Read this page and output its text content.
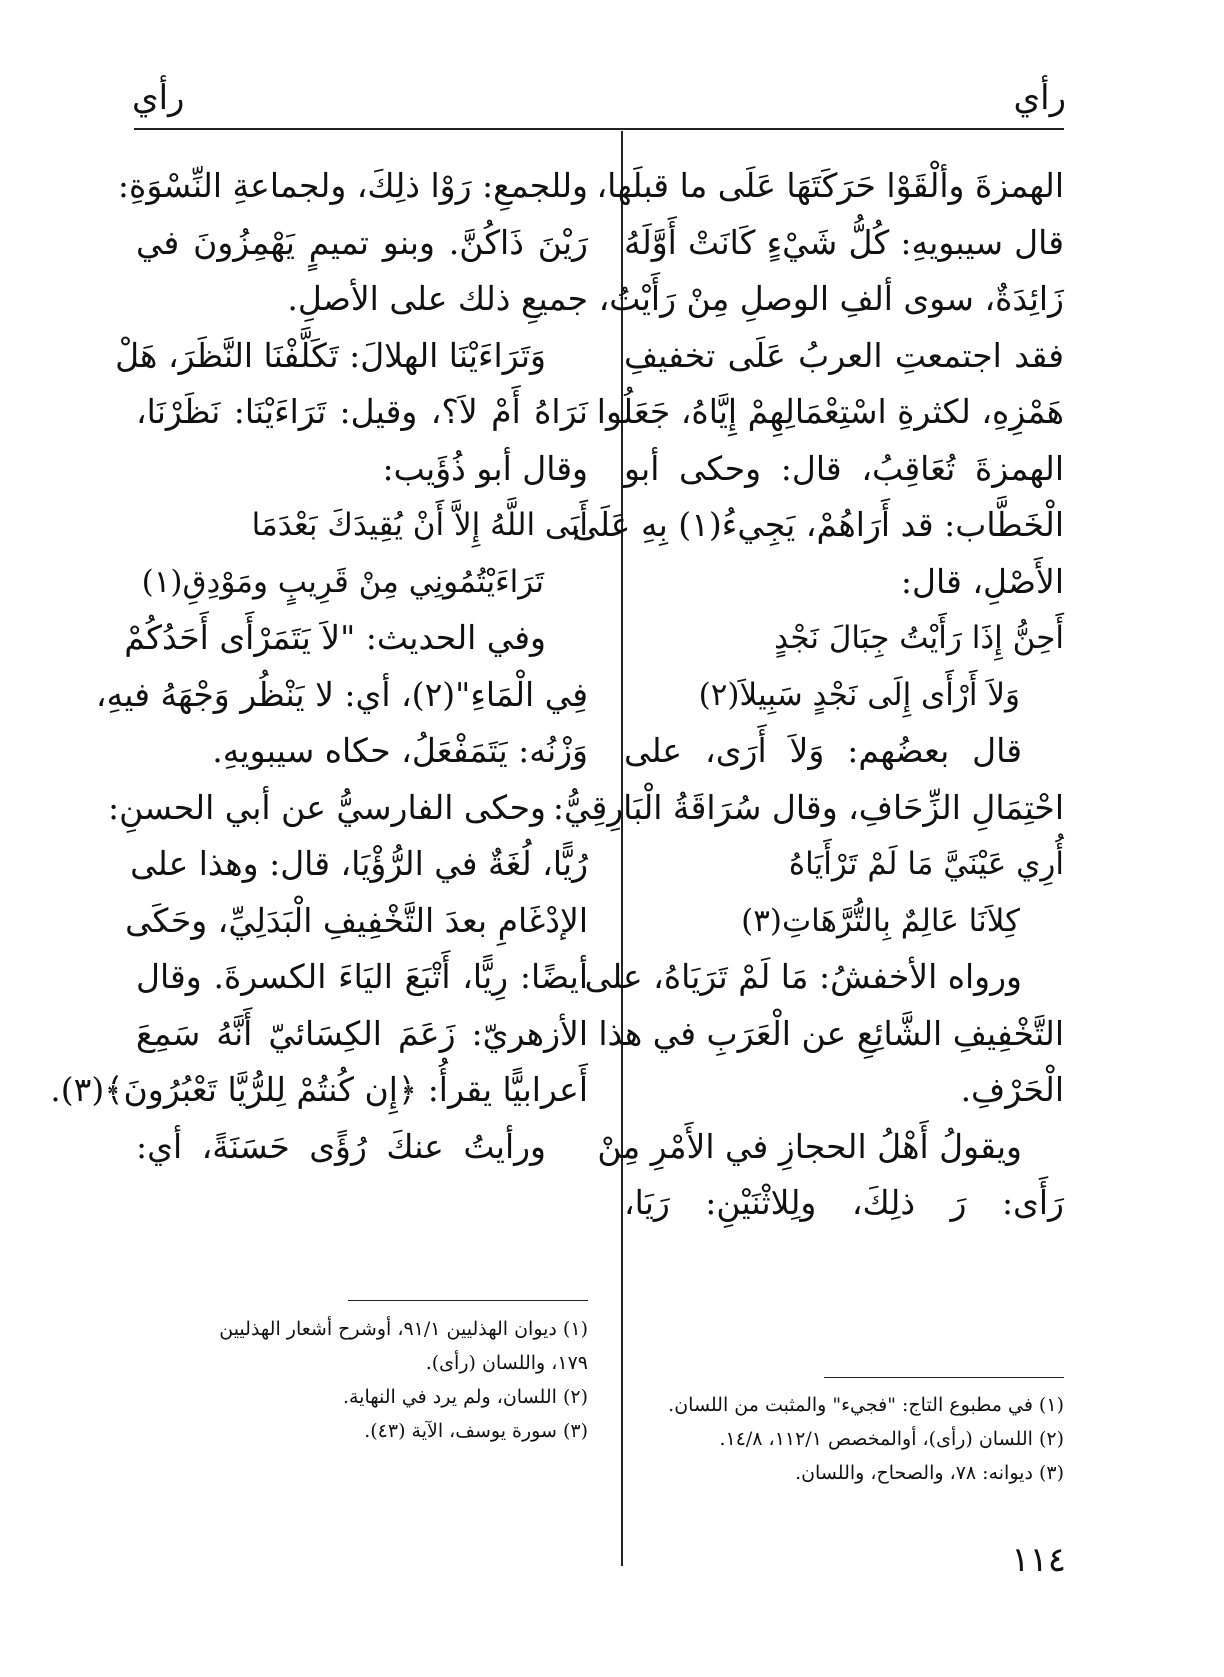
رأي
رأي
الهمزةَ وألْقَوْا حَرَكَتَهَا عَلَى ما قبلَها،
قال سيبويهِ: كُلُّ شَيْءٍ كَانَتْ أَوَّلَهُ
زَائِدَةٌ، سوى ألفِ الوصلِ مِنْ رَأَيْتُ،
فقد اجتمعتِ العربُ عَلَى تخفيفِ
هَمْزِهِ، لكثرةِ اسْتِعْمَالِهِمْ إِيَّاهُ، جَعَلُوا
الهمزةَ تُعَاقِبُ، قال: وحكى أبو
الْخَطَّاب: قد أَرَاهُمْ، يَجِيءُ(١) بِهِ عَلَى
الأَصْلِ، قال:
أَحِنُّ إِذَا رَأَيْتُ جِبَالَ نَجْدٍ
وَلاَ أَرْأَى إِلَى نَجْدٍ سَبِيلاَ(٢)
قال بعضُهم: وَلاَ أَرَى، على
احْتِمَالِ الزِّحَافِ، وقال سُرَاقَةُ الْبَارِقِيُّ:
أُرِي عَيْنَيَّ مَا لَمْ تَرْأَيَاهُ
كِلاَنَا عَالِمٌ بِالتُّرَّهَاتِ(٣)
ورواه الأخفشُ: مَا لَمْ تَرَيَاهُ، على
التَّخْفِيفِ الشَّائِعِ عن الْعَرَبِ في هذا
الْحَرْفِ.
ويقولُ أَهْلُ الحجازِ في الأَمْرِ مِنْ
رَأَى: رَ ذلِكَ، ولِلاثْنَيْنِ: رَيَا،
وللجمعِ: رَوْا ذلِكَ، ولجماعةِ النِّسْوَةِ:
رَيْنَ ذَاكُنَّ. وبنو تميمٍ يَهْمِزُونَ في
جميعِ ذلك على الأصلِ.
وَتَرَاءَيْنَا الهلالَ: تَكَلَّفْنَا النَّظَرَ، هَلْ
نَرَاهُ أَمْ لاَ؟، وقيل: تَرَاءَيْنَا: نَظَرْنَا،
وقال أبو ذُؤَيب:
أَبَى اللَّهُ إِلاَّ أَنْ يُقِيدَكَ بَعْدَمَا
تَرَاءَيْتُمُونِي مِنْ قَرِيبٍ ومَوْدِقِ(١)
وفي الحديث: "لاَ يَتَمَرْأَى أَحَدُكُمْ
فِي الْمَاءِ"(٢)، أي: لا يَنْظُر وَجْهَهُ فيهِ،
وَزْنُه: يَتَمَفْعَلُ، حكاه سيبويهِ.
وحكى الفارسيُّ عن أبي الحسنِ:
رُيًّا، لُغَةٌ في الرُّؤْيَا، قال: وهذا على
الإدْغَامِ بعدَ التَّخْفِيفِ الْبَدَلِيِّ، وحَكَى
أيضًا: رِيًّا، أَتْبَعَ اليَاءَ الكسرةَ. وقال
الأزهريّ: زَعَمَ الكِسَائيّ أَنَّهُ سَمِعَ
أَعرابيًّا يقرأُ: ﴿إِن كُنتُمْ لِلرُّيَّا تَعْبُرُونَ﴾(٣).
ورأيتُ عنكَ رُؤًى حَسَنَةً، أي:
(١) في مطبوع التاج: "فجيء" والمثبت من اللسان.
(٢) اللسان (رأى)، أوالمخصص ١١٢/١، ١٤/٨.
(٣) ديوانه: ٧٨، والصحاح، واللسان.
(١) ديوان الهذليين ٩١/١، أوشرح أشعار الهذليين
١٧٩، واللسان (رأى).
(٢) اللسان، ولم يرد في النهاية.
(٣) سورة يوسف، الآية (٤٣).
١١٤
